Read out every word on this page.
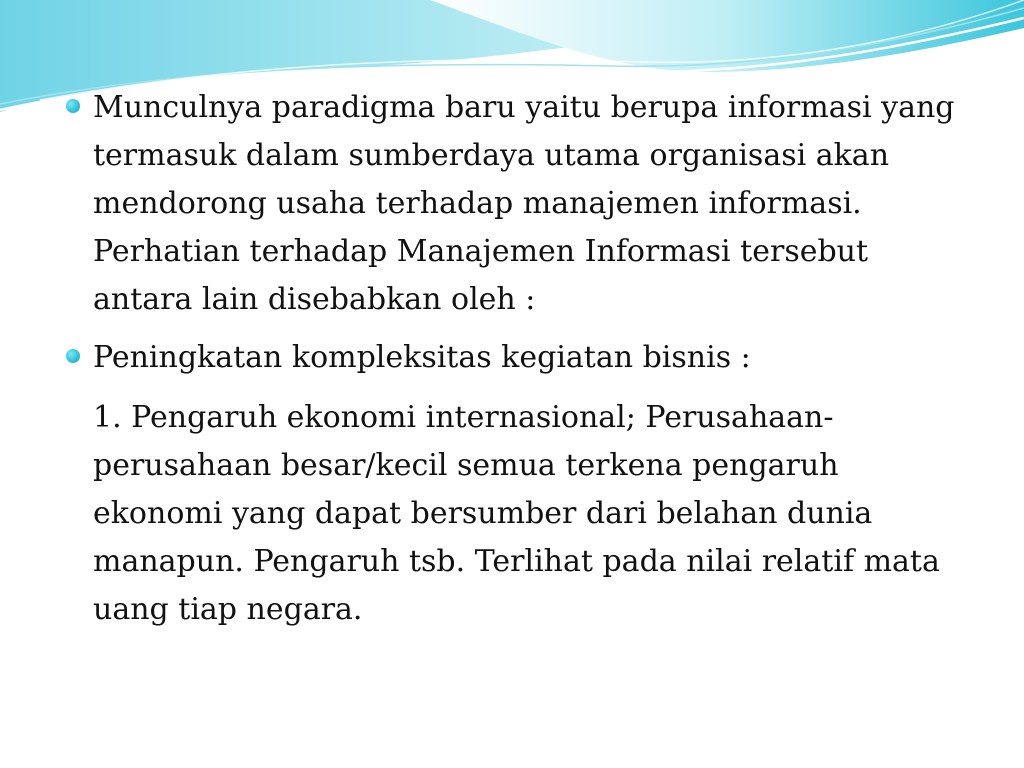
Munculnya paradigma baru yaitu berupa informasi yang termasuk dalam sumberdaya utama organisasi akan mendorong usaha terhadap manajemen informasi. Perhatian terhadap Manajemen Informasi tersebut antara lain disebabkan oleh :

Peningkatan kompleksitas kegiatan bisnis :

1. Pengaruh ekonomi internasional; Perusahaan-perusahaan besar/kecil semua terkena pengaruh ekonomi yang dapat bersumber dari belahan dunia manapun. Pengaruh tsb. Terlihat pada nilai relatif mata uang tiap negara.
